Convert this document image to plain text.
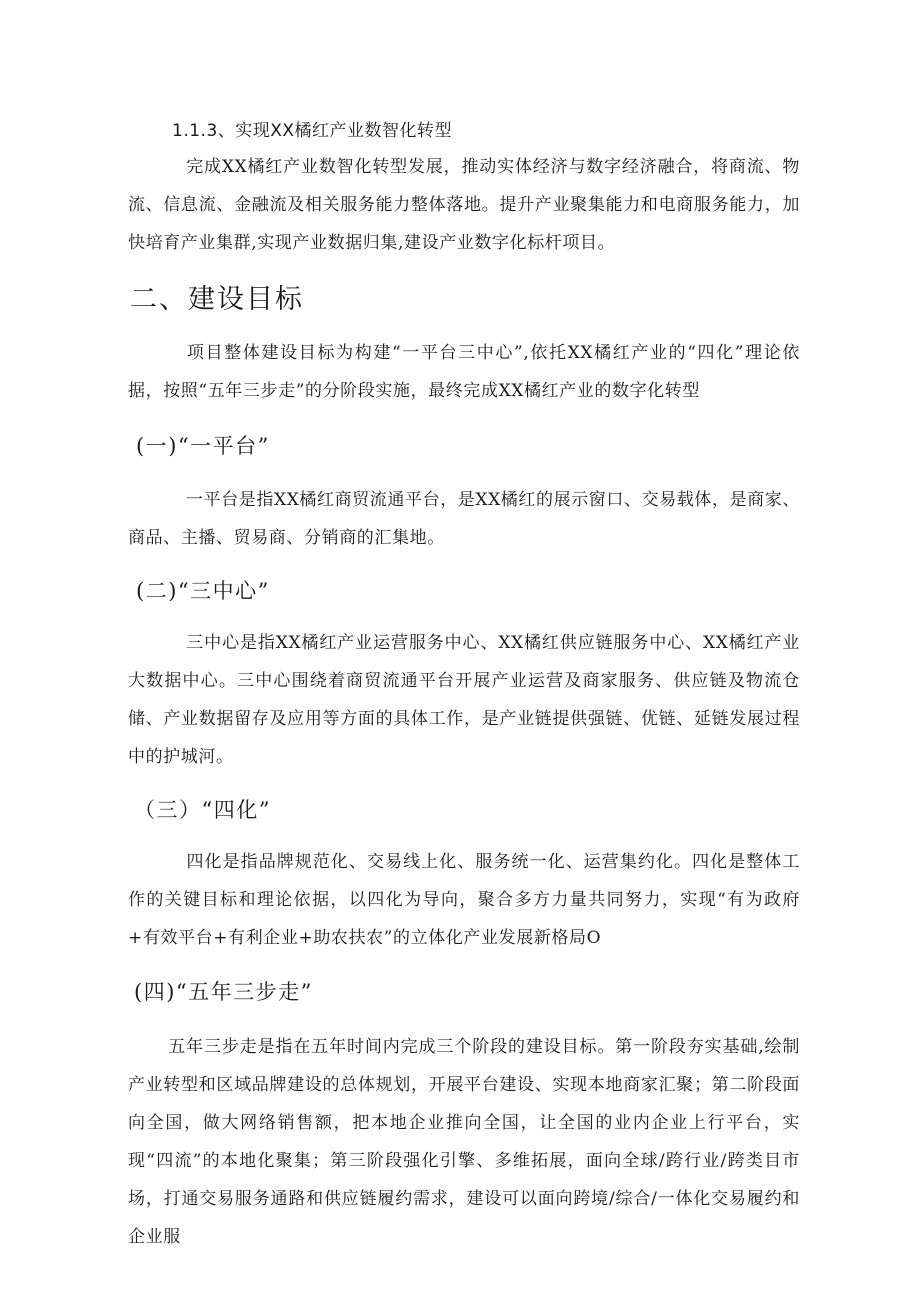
1.1.3、实现XX橘红产业数智化转型

完成XX橘红产业数智化转型发展，推动实体经济与数字经济融合，将商流、物流、信息流、金融流及相关服务能力整体落地。提升产业聚集能力和电商服务能力，加快培育产业集群,实现产业数据归集,建设产业数字化标杆项目。

二、建设目标

项目整体建设目标为构建“一平台三中心”,依托XX橘红产业的“四化”理论依据，按照“五年三步走”的分阶段实施，最终完成XX橘红产业的数字化转型

(一)“一平台”

一平台是指XX橘红商贸流通平台，是XX橘红的展示窗口、交易载体，是商家、商品、主播、贸易商、分销商的汇集地。

(二)“三中心”

三中心是指XX橘红产业运营服务中心、XX橘红供应链服务中心、XX橘红产业大数据中心。三中心围绕着商贸流通平台开展产业运营及商家服务、供应链及物流仓储、产业数据留存及应用等方面的具体工作，是产业链提供强链、优链、延链发展过程中的护城河。

（三）“四化”

四化是指品牌规范化、交易线上化、服务统一化、运营集约化。四化是整体工作的关键目标和理论依据，以四化为导向，聚合多方力量共同努力，实现“有为政府+有效平台+有利企业+助农扶农”的立体化产业发展新格局O

(四)“五年三步走”

五年三步走是指在五年时间内完成三个阶段的建设目标。第一阶段夯实基础,绘制产业转型和区域品牌建设的总体规划，开展平台建设、实现本地商家汇聚；第二阶段面向全国，做大网络销售额，把本地企业推向全国，让全国的业内企业上行平台，实现“四流”的本地化聚集；第三阶段强化引擎、多维拓展，面向全球/跨行业/跨类目市场，打通交易服务通路和供应链履约需求，建设可以面向跨境/综合/一体化交易履约和企业服
